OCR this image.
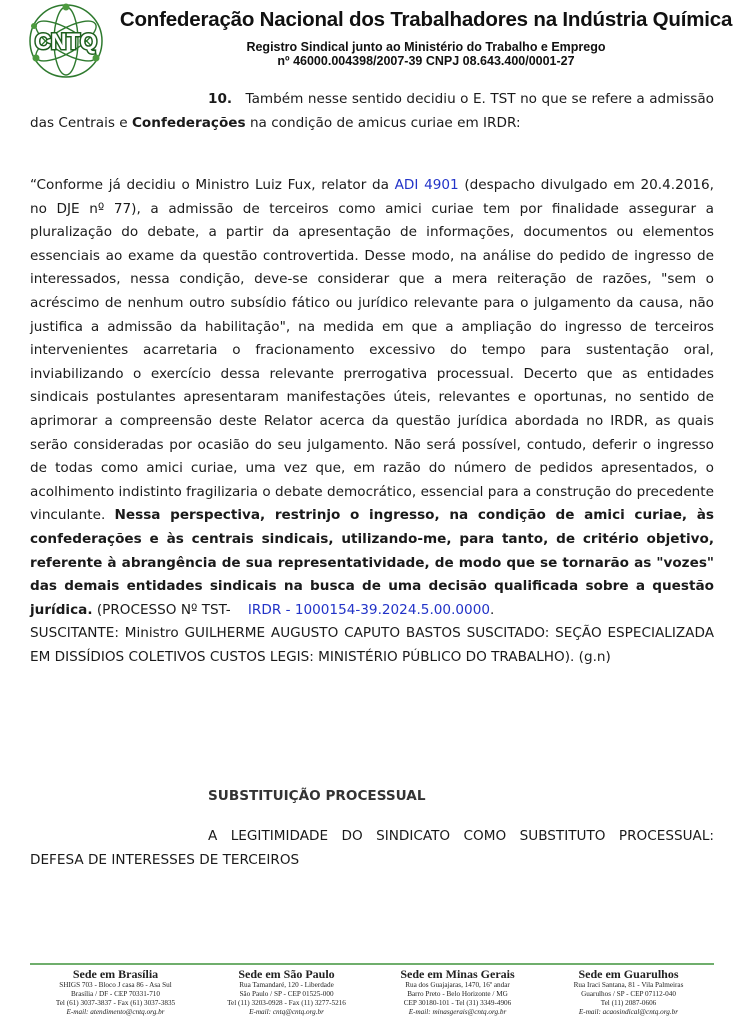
CNTQ
Confederação Nacional dos Trabalhadores na Indústria Química
Registro Sindical junto ao Ministério do Trabalho e Emprego
nº 46000.004398/2007-39 CNPJ 08.643.400/0001-27

10. Também nesse sentido decidiu o E. TST no que se refere a admissão das Centrais e Confederações na condição de amicus curiae em IRDR:

“Conforme já decidiu o Ministro Luiz Fux, relator da ADI 4901 (despacho divulgado em 20.4.2016, no DJE nº 77), a admissão de terceiros como amici curiae tem por finalidade assegurar a pluralização do debate, a partir da apresentação de informações, documentos ou elementos essenciais ao exame da questão controvertida. Desse modo, na análise do pedido de ingresso de interessados, nessa condição, deve-se considerar que a mera reiteração de razões, "sem o acréscimo de nenhum outro subsídio fático ou jurídico relevante para o julgamento da causa, não justifica a admissão da habilitação", na medida em que a ampliação do ingresso de terceiros intervenientes acarretaria o fracionamento excessivo do tempo para sustentação oral, inviabilizando o exercício dessa relevante prerrogativa processual. Decerto que as entidades sindicais postulantes apresentaram manifestações úteis, relevantes e oportunas, no sentido de aprimorar a compreensão deste Relator acerca da questão jurídica abordada no IRDR, as quais serão consideradas por ocasião do seu julgamento. Não será possível, contudo, deferir o ingresso de todas como amici curiae, uma vez que, em razão do número de pedidos apresentados, o acolhimento indistinto fragilizaria o debate democrático, essencial para a construção do precedente vinculante. Nessa perspectiva, restrinjo o ingresso, na condição de amici curiae, às confederações e às centrais sindicais, utilizando-me, para tanto, de critério objetivo, referente à abrangência de sua representatividade, de modo que se tornarão as "vozes" das demais entidades sindicais na busca de uma decisão qualificada sobre a questão jurídica. (PROCESSO Nº TST-    IRDR - 1000154-39.2024.5.00.0000.

SUSCITANTE: Ministro GUILHERME AUGUSTO CAPUTO BASTOS SUSCITADO: SEÇÃO ESPECIALIZADA EM DISSÍDIOS COLETIVOS CUSTOS LEGIS: MINISTÉRIO PÚBLICO DO TRABALHO). (g.n)

SUBSTITUIÇÃO PROCESSUAL
A LEGITIMIDADE DO SINDICATO COMO SUBSTITUTO PROCESSUAL: DEFESA DE INTERESSES DE TERCEIROS
Sede em Brasília
SHIGS 703 - Bloco J casa 86 - Asa Sul
Brasília / DF - CEP 70331-710
Tel (61) 3037-3837 - Fax (61) 3037-3835
E-mail: atendimento@cntq.org.br
Sede em São Paulo
Rua Tamandaré, 120 - Liberdade
São Paulo / SP - CEP 01525-000
Tel (11) 3203-0928 - Fax (11) 3277-5216
E-mail: cntq@cntq.org.br
Sede em Minas Gerais
Rua dos Guajajaras, 1470, 16º andar
Barro Preto - Belo Horizonte / MG
CEP 30180-101 - Tel (31) 3349-4906
E-mail: minasgerais@cntq.org.br
Sede em Guarulhos
Rua Iraci Santana, 81 - Vila Palmeiras
Guarulhos / SP - CEP 07112-040
Tel (11) 2087-0606
E-mail: acaosindical@cntq.org.br
